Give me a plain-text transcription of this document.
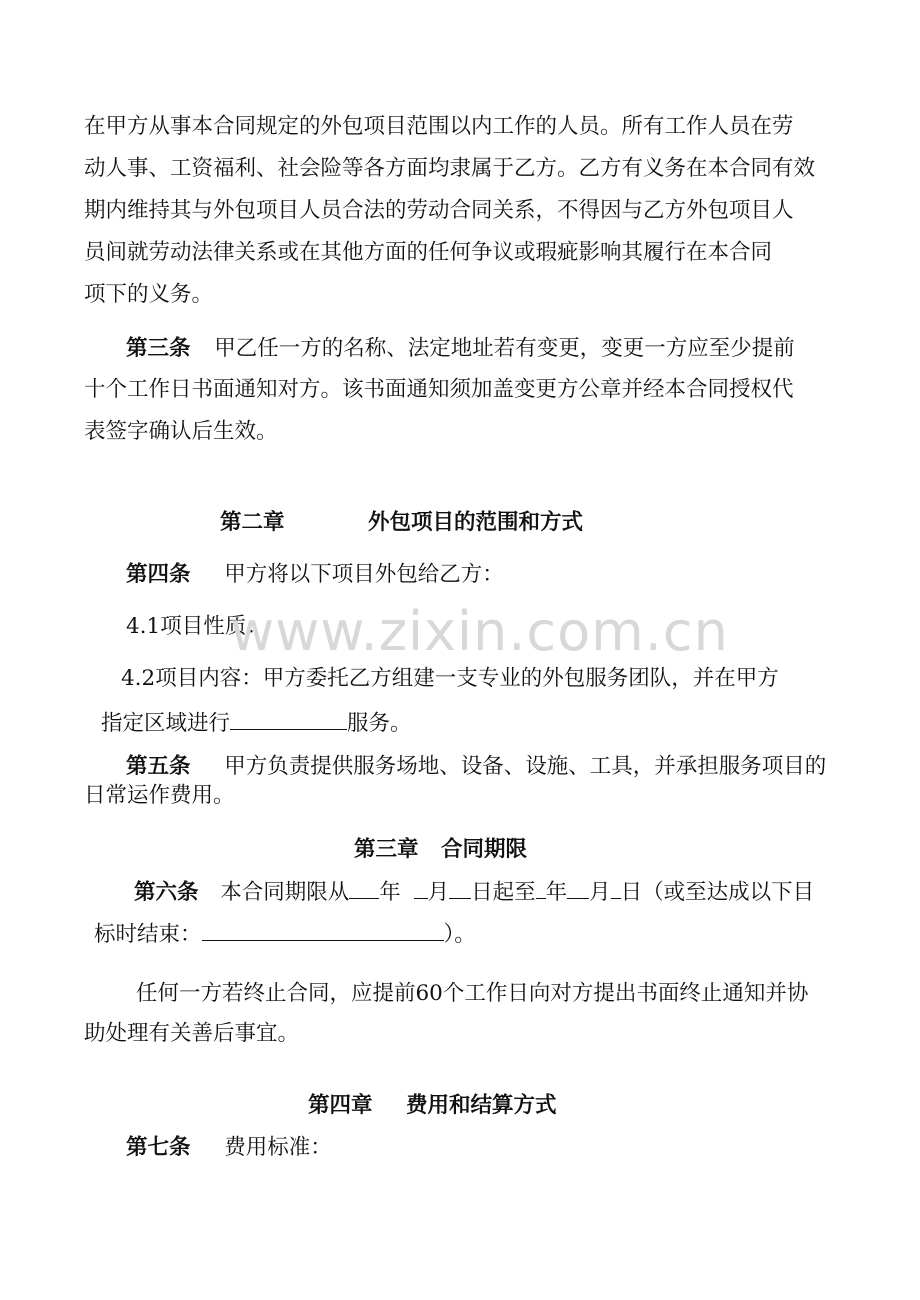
在甲方从事本合同规定的外包项目范围以内工作的人员。所有工作人员在劳
动人事、工资福利、社会险等各方面均隶属于乙方。乙方有义务在本合同有效
期内维持其与外包项目人员合法的劳动合同关系，不得因与乙方外包项目人
员间就劳动法律关系或在其他方面的任何争议或瑕疵影响其履行在本合同
项下的义务。
第三条 甲乙任一方的名称、法定地址若有变更，变更一方应至少提前
十个工作日书面通知对方。该书面通知须加盖变更方公章并经本合同授权代
表签字确认后生效。
第二章	外包项目的范围和方式
第四条 甲方将以下项目外包给乙方：
4.1项目性质：
4.2项目内容：甲方委托乙方组建一支专业的外包服务团队，并在甲方
指定区域进行	服务。
第五条 甲方负责提供服务场地、设备、设施、工具，并承担服务项目的
日常运作费用。
第三章 合同期限
第六条 本合同期限从 年 月 日起至 年 月 日（或至达成以下目
标时结束：	）。
任何一方若终止合同，应提前60个工作日向对方提出书面终止通知并协
助处理有关善后事宜。
第四章 费用和结算方式
第七条 费用标准：
www.zixin.com.cn
